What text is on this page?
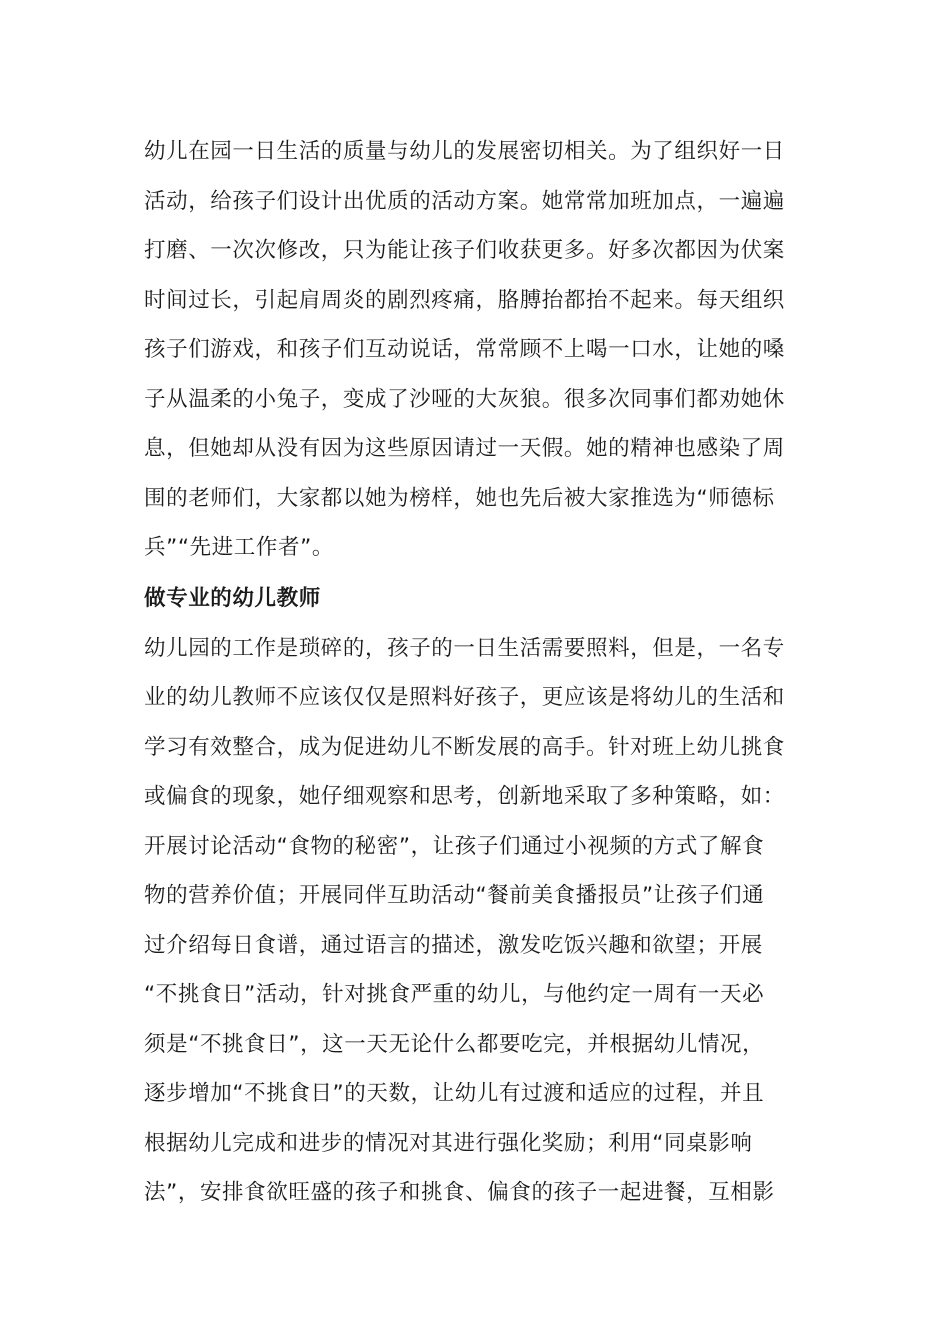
幼儿在园一日生活的质量与幼儿的发展密切相关。为了组织好一日
活动，给孩子们设计出优质的活动方案。她常常加班加点，一遍遍
打磨、一次次修改，只为能让孩子们收获更多。好多次都因为伏案
时间过长，引起肩周炎的剧烈疼痛，胳膊抬都抬不起来。每天组织
孩子们游戏，和孩子们互动说话，常常顾不上喝一口水，让她的嗓
子从温柔的小兔子，变成了沙哑的大灰狼。很多次同事们都劝她休
息，但她却从没有因为这些原因请过一天假。她的精神也感染了周
围的老师们，大家都以她为榜样，她也先后被大家推选为“师德标
兵”“先进工作者”。
做专业的幼儿教师
幼儿园的工作是琐碎的，孩子的一日生活需要照料，但是，一名专
业的幼儿教师不应该仅仅是照料好孩子，更应该是将幼儿的生活和
学习有效整合，成为促进幼儿不断发展的高手。针对班上幼儿挑食
或偏食的现象，她仔细观察和思考，创新地采取了多种策略，如：
开展讨论活动“食物的秘密”，让孩子们通过小视频的方式了解食
物的营养价值；开展同伴互助活动“餐前美食播报员”让孩子们通
过介绍每日食谱，通过语言的描述，激发吃饭兴趣和欲望；开展
“不挑食日”活动，针对挑食严重的幼儿，与他约定一周有一天必
须是“不挑食日”，这一天无论什么都要吃完，并根据幼儿情况，
逐步增加“不挑食日”的天数，让幼儿有过渡和适应的过程，并且
根据幼儿完成和进步的情况对其进行强化奖励；利用“同桌影响
法”，安排食欲旺盛的孩子和挑食、偏食的孩子一起进餐，互相影
